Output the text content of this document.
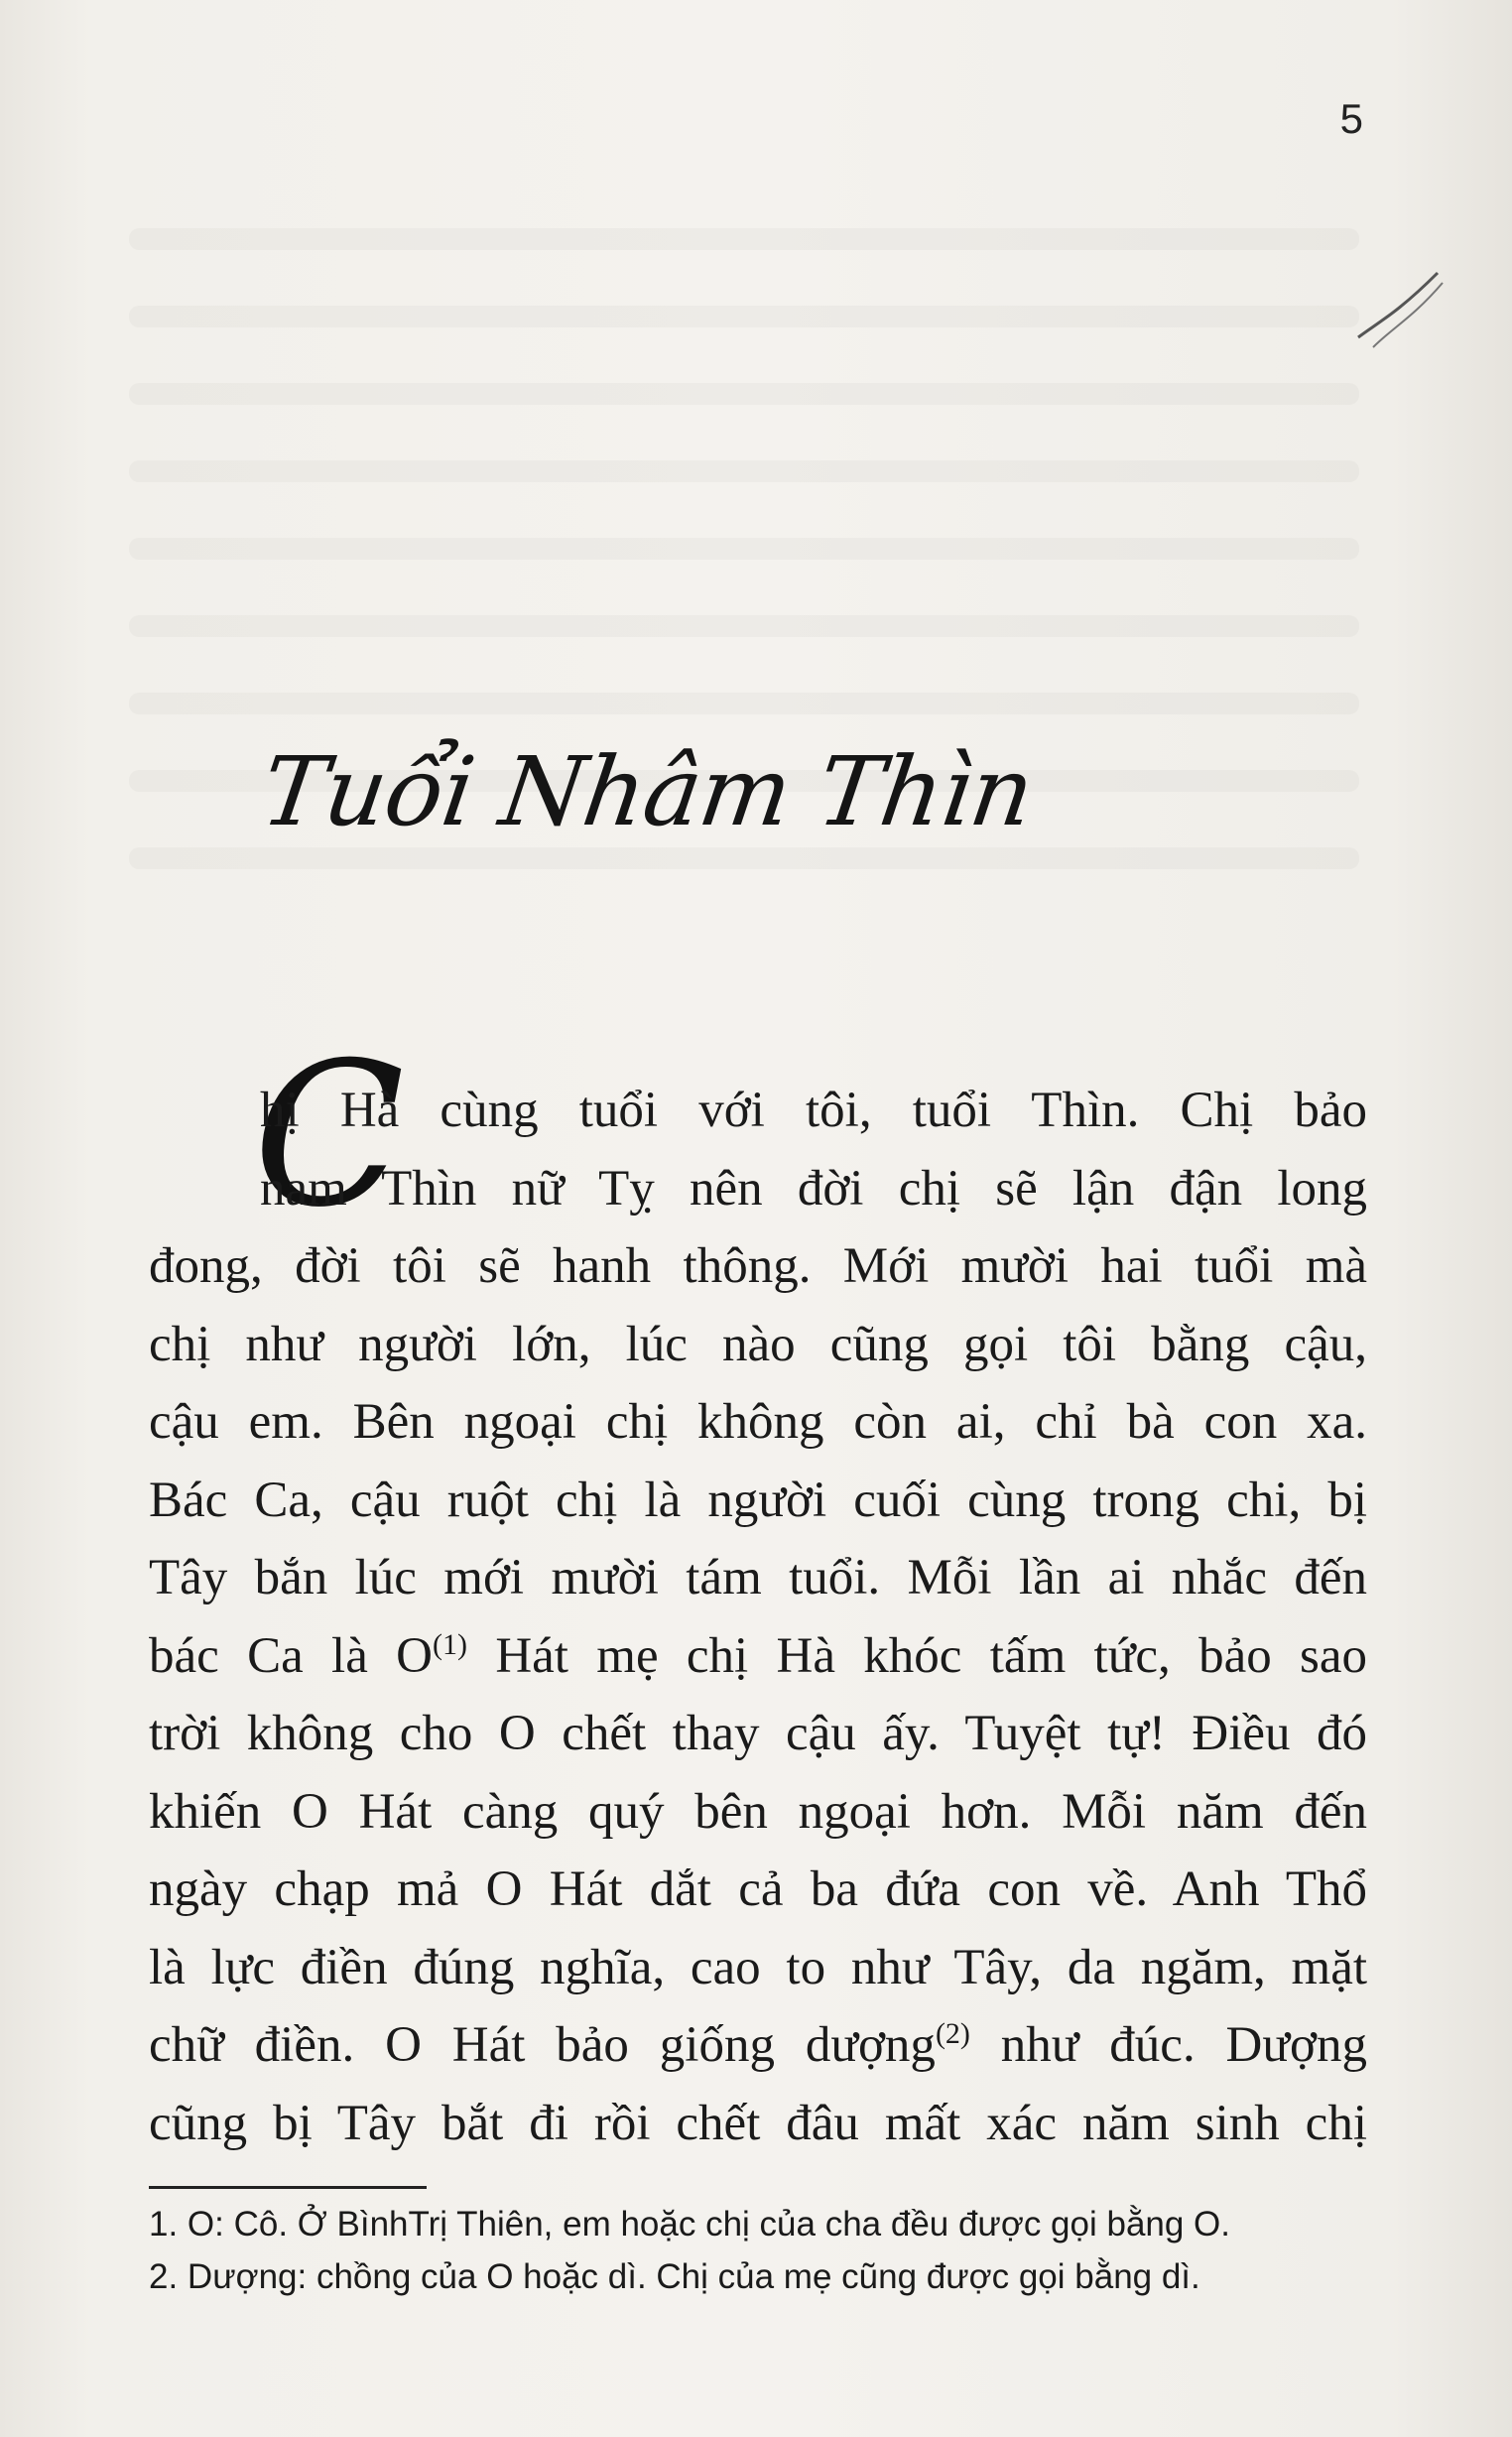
5
Tuổi Nhâm Thìn
C
hị Hà cùng tuổi với tôi, tuổi Thìn. Chị bảo
nam Thìn nữ Tỵ nên đời chị sẽ lận đận long
đong, đời tôi sẽ hanh thông. Mới mười hai tuổi mà
chị như người lớn, lúc nào cũng gọi tôi bằng cậu,
cậu em. Bên ngoại chị không còn ai, chỉ bà con xa.
Bác Ca, cậu ruột chị là người cuối cùng trong chi, bị
Tây bắn lúc mới mười tám tuổi. Mỗi lần ai nhắc đến
bác Ca là $O^{(1)}$ Hát mẹ chị Hà khóc tấm tức, bảo sao
trời không cho O chết thay cậu ấy. Tuyệt tự! Điều đó
khiến O Hát càng quý bên ngoại hơn. Mỗi năm đến
ngày chạp mả O Hát dắt cả ba đứa con về. Anh Thổ
là lực điền đúng nghĩa, cao to như Tây, da ngăm, mặt
chữ điền. O Hát bảo giống dượng$^{(2)}$ như đúc. Dượng
cũng bị Tây bắt đi rồi chết đâu mất xác năm sinh chị
1. O: Cô. Ở BìnhTrị Thiên, em hoặc chị của cha đều được gọi bằng O.
2. Dượng: chồng của O hoặc dì. Chị của mẹ cũng được gọi bằng dì.
